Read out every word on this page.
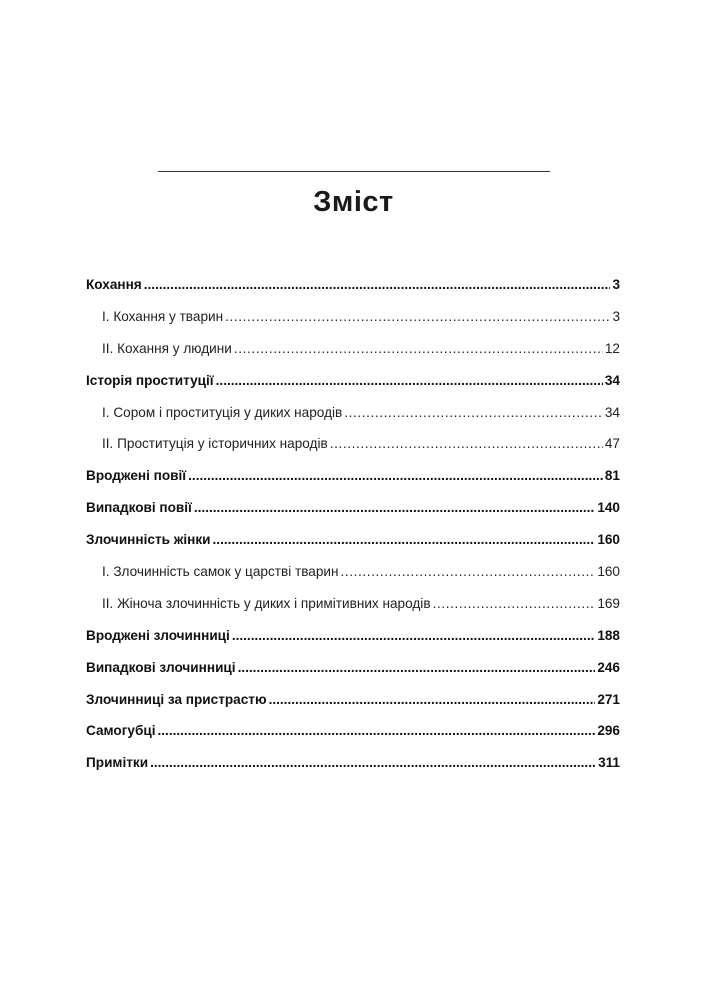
Зміст
Кохання .....	3
І. Кохання у тварин .....	3
ІІ. Кохання у людини .....	12
Історія проституції .....	34
І. Сором і проституція у диких народів .....	34
ІІ. Проституція у історичних народів .....	47
Вроджені повії .....	81
Випадкові повії .....	140
Злочинність жінки .....	160
І. Злочинність самок у царстві тварин .....	160
ІІ. Жіноча злочинність у диких і примітивних народів .....	169
Вроджені злочинниці .....	188
Випадкові злочинниці .....	246
Злочинниці за пристрастю .....	271
Самогубці .....	296
Примітки .....	311
